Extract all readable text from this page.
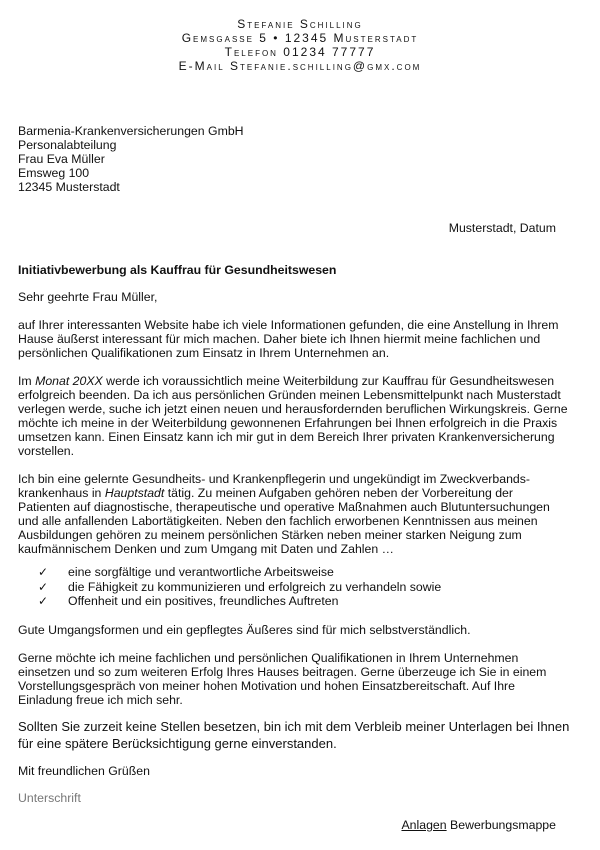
Stefanie Schilling
Gemsgasse 5 • 12345 Musterstadt
Telefon 01234 77777
E-Mail Stefanie.schilling@gmx.com
Barmenia-Krankenversicherungen GmbH
Personalabteilung
Frau Eva Müller
Emsweg 100
12345 Musterstadt
Musterstadt, Datum
Initiativbewerbung als Kauffrau für Gesundheitswesen
Sehr geehrte Frau Müller,
auf Ihrer interessanten Website habe ich viele Informationen gefunden, die eine Anstellung in Ihrem
Hause äußerst interessant für mich machen. Daher biete ich Ihnen hiermit meine fachlichen und
persönlichen Qualifikationen zum Einsatz in Ihrem Unternehmen an.
Im Monat 20XX werde ich voraussichtlich meine Weiterbildung zur Kauffrau für Gesundheitswesen
erfolgreich beenden. Da ich aus persönlichen Gründen meinen Lebensmittelpunkt nach Musterstadt
verlegen werde, suche ich jetzt einen neuen und herausfordernden beruflichen Wirkungskreis. Gerne
möchte ich meine in der Weiterbildung gewonnenen Erfahrungen bei Ihnen erfolgreich in die Praxis
umsetzen kann. Einen Einsatz kann ich mir gut in dem Bereich Ihrer privaten Krankenversicherung
vorstellen.
Ich bin eine gelernte Gesundheits- und Krankenpflegerin und ungekündigt im Zweckverbands-
krankenhaus in Hauptstadt tätig. Zu meinen Aufgaben gehören neben der Vorbereitung der
Patienten auf diagnostische, therapeutische und operative Maßnahmen auch Blutuntersuchungen
und alle anfallenden Labortätigkeiten. Neben den fachlich erworbenen Kenntnissen aus meinen
Ausbildungen gehören zu meinem persönlichen Stärken neben meiner starken Neigung zum
kaufmännischem Denken und zum Umgang mit Daten und Zahlen …
✓ eine sorgfältige und verantwortliche Arbeitsweise
✓ die Fähigkeit zu kommunizieren und erfolgreich zu verhandeln sowie
✓ Offenheit und ein positives, freundliches Auftreten
Gute Umgangsformen und ein gepflegtes Äußeres sind für mich selbstverständlich.
Gerne möchte ich meine fachlichen und persönlichen Qualifikationen in Ihrem Unternehmen
einsetzen und so zum weiteren Erfolg Ihres Hauses beitragen. Gerne überzeuge ich Sie in einem
Vorstellungsgespräch von meiner hohen Motivation und hohen Einsatzbereitschaft. Auf Ihre
Einladung freue ich mich sehr.
Sollten Sie zurzeit keine Stellen besetzen, bin ich mit dem Verbleib meiner Unterlagen bei Ihnen
für eine spätere Berücksichtigung gerne einverstanden.
Mit freundlichen Grüßen
Unterschrift
Anlagen Bewerbungsmappe
